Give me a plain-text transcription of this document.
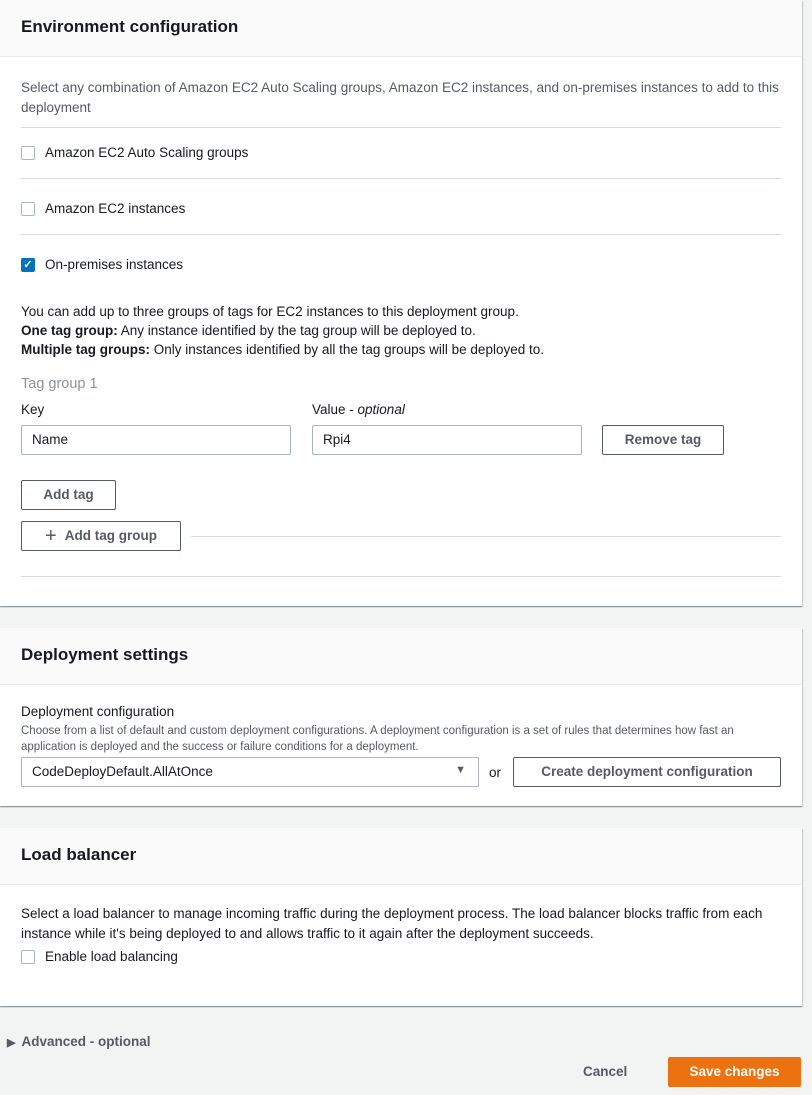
Environment configuration
Select any combination of Amazon EC2 Auto Scaling groups, Amazon EC2 instances, and on-premises instances to add to this deployment
Amazon EC2 Auto Scaling groups
Amazon EC2 instances
✓ On-premises instances
You can add up to three groups of tags for EC2 instances to this deployment group.
One tag group: Any instance identified by the tag group will be deployed to.
Multiple tag groups: Only instances identified by all the tag groups will be deployed to.
Tag group 1
Key	Value - optional
Name	Rpi4	Remove tag
Add tag
+ Add tag group
Deployment settings
Deployment configuration
Choose from a list of default and custom deployment configurations. A deployment configuration is a set of rules that determines how fast an application is deployed and the success or failure conditions for a deployment.
CodeDeployDefault.AllAtOnce	▼ or	Create deployment configuration
Load balancer
Select a load balancer to manage incoming traffic during the deployment process. The load balancer blocks traffic from each instance while it's being deployed to and allows traffic to it again after the deployment succeeds.
Enable load balancing
▶ Advanced - optional
Cancel	Save changes
